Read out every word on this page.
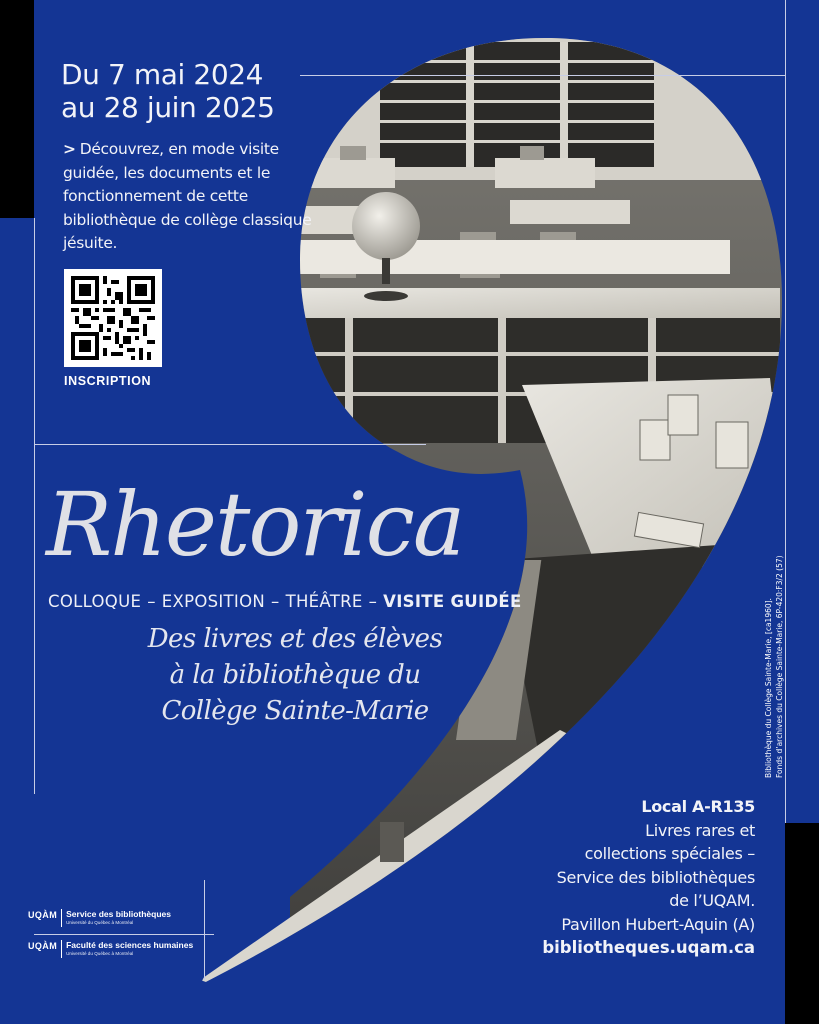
Du 7 mai 2024
au 28 juin 2025

> Découvrez, en mode visite guidée, les documents et le fonctionnement de cette bibliothèque de collège classique jésuite.

INSCRIPTION
Rhetorica

COLLOQUE – EXPOSITION – THÉÂTRE – VISITE GUIDÉE

Des livres et des élèves
à la bibliothèque du
Collège Sainte-Marie	Bibliothèque du Collège Sainte-Marie, [ca1960]. Fonds d’archives du Collège Sainte-Marie, 6P-420:F3/2 (57)

Local A-R135
Livres rares et
collections spéciales –
Service des bibliothèques
de l’UQAM.
Pavillon Hubert-Aquin (A)
bibliotheques.uqam.ca

UQÀM	Service des bibliothèques
Université du Québec à Montréal
UQÀM	Faculté des sciences humaines
Université du Québec à Montréal
